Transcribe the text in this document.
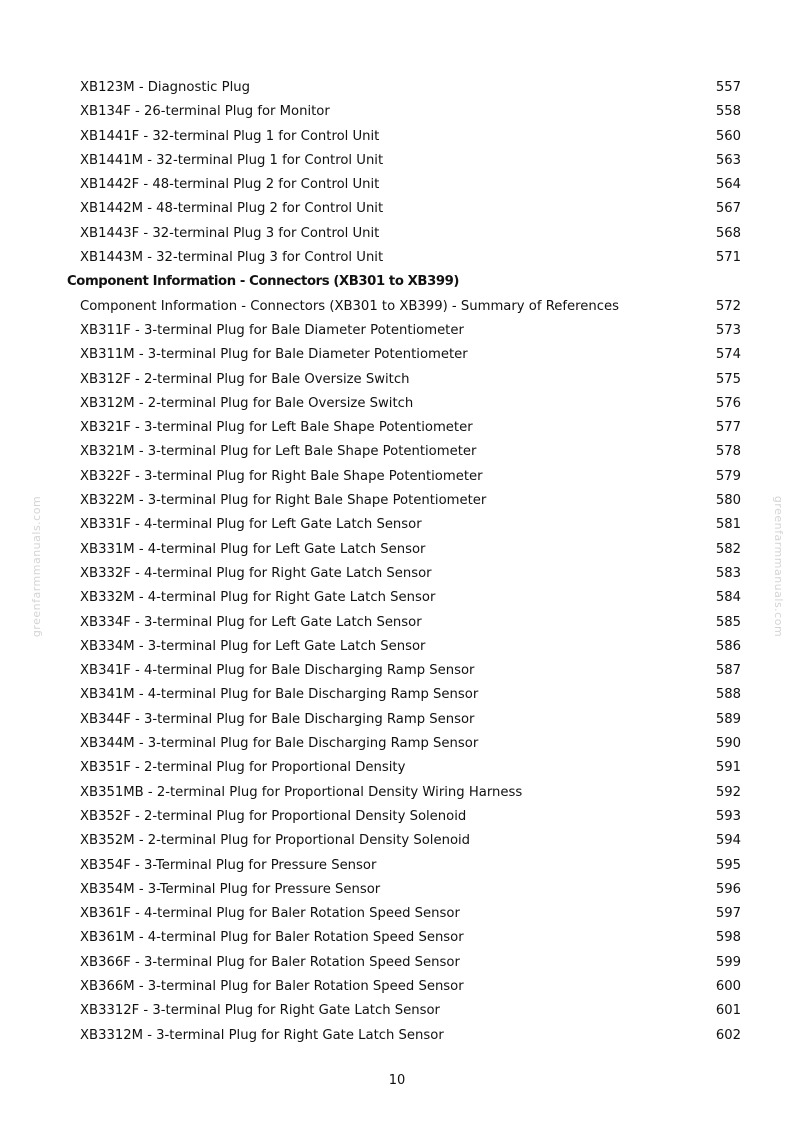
XB123M - Diagnostic Plug	557
XB134F - 26-terminal Plug for Monitor	558
XB1441F - 32-terminal Plug 1 for Control Unit	560
XB1441M - 32-terminal Plug 1 for Control Unit	563
XB1442F - 48-terminal Plug 2 for Control Unit	564
XB1442M - 48-terminal Plug 2 for Control Unit	567
XB1443F - 32-terminal Plug 3 for Control Unit	568
XB1443M - 32-terminal Plug 3 for Control Unit	571
Component Information - Connectors (XB301 to XB399)
Component Information - Connectors (XB301 to XB399) - Summary of References	572
XB311F - 3-terminal Plug for Bale Diameter Potentiometer	573
XB311M - 3-terminal Plug for Bale Diameter Potentiometer	574
XB312F - 2-terminal Plug for Bale Oversize Switch	575
XB312M - 2-terminal Plug for Bale Oversize Switch	576
XB321F - 3-terminal Plug for Left Bale Shape Potentiometer	577
XB321M - 3-terminal Plug for Left Bale Shape Potentiometer	578
XB322F - 3-terminal Plug for Right Bale Shape Potentiometer	579
XB322M - 3-terminal Plug for Right Bale Shape Potentiometer	580
XB331F - 4-terminal Plug for Left Gate Latch Sensor	581
XB331M - 4-terminal Plug for Left Gate Latch Sensor	582
XB332F - 4-terminal Plug for Right Gate Latch Sensor	583
XB332M - 4-terminal Plug for Right Gate Latch Sensor	584
XB334F - 3-terminal Plug for Left Gate Latch Sensor	585
XB334M - 3-terminal Plug for Left Gate Latch Sensor	586
XB341F - 4-terminal Plug for Bale Discharging Ramp Sensor	587
XB341M - 4-terminal Plug for Bale Discharging Ramp Sensor	588
XB344F - 3-terminal Plug for Bale Discharging Ramp Sensor	589
XB344M - 3-terminal Plug for Bale Discharging Ramp Sensor	590
XB351F - 2-terminal Plug for Proportional Density	591
XB351MB - 2-terminal Plug for Proportional Density Wiring Harness	592
XB352F - 2-terminal Plug for Proportional Density Solenoid	593
XB352M - 2-terminal Plug for Proportional Density Solenoid	594
XB354F - 3-Terminal Plug for Pressure Sensor	595
XB354M - 3-Terminal Plug for Pressure Sensor	596
XB361F - 4-terminal Plug for Baler Rotation Speed Sensor	597
XB361M - 4-terminal Plug for Baler Rotation Speed Sensor	598
XB366F - 3-terminal Plug for Baler Rotation Speed Sensor	599
XB366M - 3-terminal Plug for Baler Rotation Speed Sensor	600
XB3312F - 3-terminal Plug for Right Gate Latch Sensor	601
XB3312M - 3-terminal Plug for Right Gate Latch Sensor	602
greenfarmmanuals.com	greenfarmmanuals.com
10
